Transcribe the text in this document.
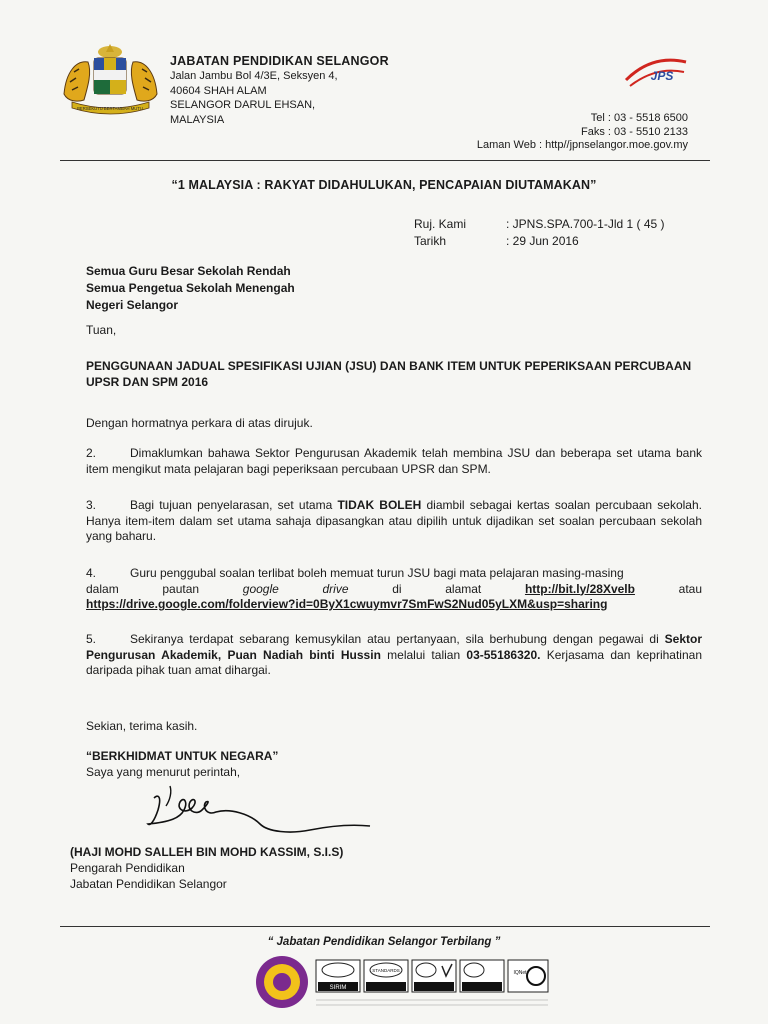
BERSEKUTU BERTAMBAH MUTU
JABATAN PENDIDIKAN SELANGOR
Jalan Jambu Bol 4/3E, Seksyen 4,
40604 SHAH ALAM
SELANGOR DARUL EHSAN,
MALAYSIA
JPS
Tel : 03 - 5518 6500
Faks : 03 - 5510 2133
Laman Web : http//jpnselangor.moe.gov.my
“1 MALAYSIA : RAKYAT DIDAHULUKAN, PENCAPAIAN DIUTAMAKAN”
Ruj. Kami	: JPNS.SPA.700-1-Jld 1 ( 45 )
Tarikh	: 29 Jun 2016
Semua Guru Besar Sekolah Rendah
Semua Pengetua Sekolah Menengah
Negeri Selangor
Tuan,
PENGGUNAAN JADUAL SPESIFIKASI UJIAN (JSU) DAN BANK ITEM UNTUK PEPERIKSAAN PERCUBAAN UPSR DAN SPM 2016
Dengan hormatnya perkara di atas dirujuk.
2.	Dimaklumkan bahawa Sektor Pengurusan Akademik telah membina JSU dan beberapa set utama bank item mengikut mata pelajaran bagi peperiksaan percubaan UPSR dan SPM.
3.	Bagi tujuan penyelarasan, set utama TIDAK BOLEH diambil sebagai kertas soalan percubaan sekolah. Hanya item-item dalam set utama sahaja dipasangkan atau dipilih untuk dijadikan set soalan percubaan sekolah yang baharu.
4.	Guru penggubal soalan terlibat boleh memuat turun JSU bagi mata pelajaran masing-masing
dalam	pautan	google	drive	di	alamat	http://bit.ly/28Xvelb	atau
https://drive.google.com/folderview?id=0ByX1cwuymvr7SmFwS2Nud05yLXM&usp=sharing
5.	Sekiranya terdapat sebarang kemusykilan atau pertanyaan, sila berhubung dengan pegawai di Sektor Pengurusan Akademik, Puan Nadiah binti Hussin melalui talian 03-55186320. Kerjasama dan keprihatinan daripada pihak tuan amat dihargai.
Sekian, terima kasih.
“BERKHIDMAT UNTUK NEGARA”
Saya yang menurut perintah,
(HAJI MOHD SALLEH BIN MOHD KASSIM, S.I.S)
Pengarah Pendidikan
Jabatan Pendidikan Selangor
“ Jabatan Pendidikan Selangor Terbilang ”
SIRIM
STANDARDS	IQNet
